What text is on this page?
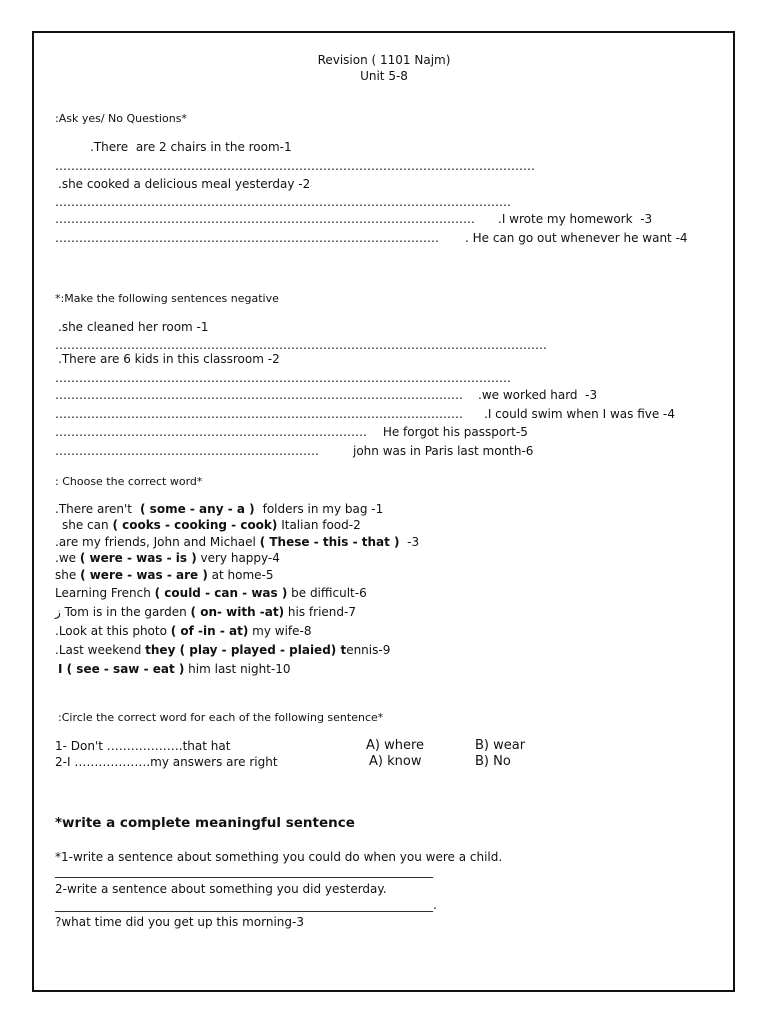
Revision ( 1101 Najm)
Unit 5-8
:Ask yes/ No Questions*
.There  are 2 chairs in the room-1
…………………………………………………………………………………………………………
.she cooked a delicious meal yesterday -2
……………………………………………………………………………………………………
…………………………………………………………………………………………… .I wrote my homework  -3
…………………………………………………………………………………… . He can go out whenever he want -4
*:Make the following sentences negative
.she cleaned her room -1
……………………………………………………………………………………………………………
.There are 6 kids in this classroom -2
……………………………………………………………………………………………………
………………………………………………………………………………………… .we worked hard  -3
………………………………………………………………………………………… .I could swim when I was five -4
…………………………………………………………………… He forgot his passport-5
…………………………………………………………	john was in Paris last month-6
: Choose the correct word*
.There aren't  ( some - any - a )  folders in my bag -1
she can ( cooks - cooking - cook) Italian food-2
.are my friends, John and Michael ( These - this - that )  -3
.we ( were - was - is ) very happy-4
she ( were - was - are ) at home-5
Learning French ( could - can - was ) be difficult-6
ز Tom is in the garden ( on- with -at) his friend-7
.Look at this photo ( of -in - at) my wife-8
.Last weekend they ( play - played - plaied) tennis-9
I ( see - saw - eat ) him last night-10
:Circle the correct word for each of the following sentence*
1- Don't ……………….that hat	A) where	B) wear
2-I ……………….my answers are right	A) know	B) No
*write a complete meaningful sentence
*1-write a sentence about something you could do when you were a child.
_______________________________________________________________
2-write a sentence about something you did yesterday.
_______________________________________________________________.
?what time did you get up this morning-3
